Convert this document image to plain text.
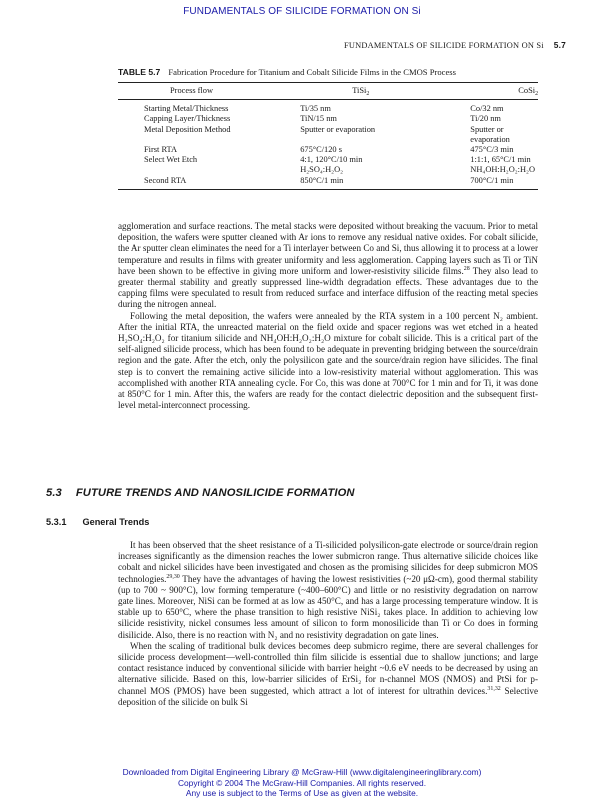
FUNDAMENTALS OF SILICIDE FORMATION ON Si
FUNDAMENTALS OF SILICIDE FORMATION ON Si 5.7
TABLE 5.7 Fabrication Procedure for Titanium and Cobalt Silicide Films in the CMOS Process
Process flow	TiSi$_2$	CoSi$_2$
Starting Metal/Thickness	Ti/35 nm	Co/32 nm
Capping Layer/Thickness	TiN/15 nm	Ti/20 nm
Metal Deposition Method	Sputter or evaporation	Sputter or evaporation
First RTA	675°C/120 s	475°C/3 min
Select Wet Etch	4:1, 120°C/10 min	1:1:1, 65°C/1 min
	H₂SO₄:H₂O₂	NH₄OH:H₂O₂:H₂O
Second RTA	850°C/1 min	700°C/1 min

agglomeration and surface reactions. The metal stacks were deposited without breaking the vacuum. Prior to metal deposition, the wafers were sputter cleaned with Ar ions to remove any residual native oxides. For cobalt silicide, the Ar sputter clean eliminates the need for a Ti interlayer between Co and Si, thus allowing it to process at a lower temperature and results in films with greater uniformity and less agglomeration. Capping layers such as Ti or TiN have been shown to be effective in giving more uniform and lower-resistivity silicide films.$^{28}$ They also lead to greater thermal stability and greatly suppressed line-width degradation effects. These advantages due to the capping films were speculated to result from reduced surface and interface diffusion of the reacting metal species during the nitrogen anneal.

Following the metal deposition, the wafers were annealed by the RTA system in a 100 percent N₂ ambient. After the initial RTA, the unreacted material on the field oxide and spacer regions was wet etched in a heated H₂SO₄:H₂O₂ for titanium silicide and NH₄OH:H₂O₂:H₂O mixture for cobalt silicide. This is a critical part of the self-aligned silicide process, which has been found to be adequate in preventing bridging between the source/drain region and the gate. After the etch, only the polysilicon gate and the source/drain region have silicides. The final step is to convert the remaining active silicide into a low-resistivity material without agglomeration. This was accomplished with another RTA annealing cycle. For Co, this was done at 700°C for 1 min and for Ti, it was done at 850°C for 1 min. After this, the wafers are ready for the contact dielectric deposition and the subsequent first-level metal-interconnect processing.

5.3 FUTURE TRENDS AND NANOSILICIDE FORMATION
5.3.1 General Trends

It has been observed that the sheet resistance of a Ti-silicided polysilicon-gate electrode or source/drain region increases significantly as the dimension reaches the lower submicron range. Thus alternative silicide choices like cobalt and nickel silicides have been investigated and chosen as the promising silicides for deep submicron MOS technologies.$^{29,30}$ They have the advantages of having the lowest resistivities (~20 μΩ-cm), good thermal stability (up to 700 ~ 900°C), low forming temperature (~400–600°C) and little or no resistivity degradation on narrow gate lines. Moreover, NiSi can be formed at as low as 450°C, and has a large processing temperature window. It is stable up to 650°C, where the phase transition to high resistive NiSi₂ takes place. In addition to achieving low silicide resistivity, nickel consumes less amount of silicon to form monosilicide than Ti or Co does in forming disilicide. Also, there is no reaction with N₂ and no resistivity degradation on gate lines.

When the scaling of traditional bulk devices becomes deep submicro regime, there are several challenges for silicide process development—well-controlled thin film silicide is essential due to shallow junctions; and large contact resistance induced by conventional silicide with barrier height ~0.6 eV needs to be decreased by using an alternative silicide. Based on this, low-barrier silicides of ErSi₂ for n-channel MOS (NMOS) and PtSi for p-channel MOS (PMOS) have been suggested, which attract a lot of interest for ultrathin devices.$^{31,32}$ Selective deposition of the silicide on bulk Si

Downloaded from Digital Engineering Library @ McGraw-Hill (www.digitalengineeringlibrary.com)
Copyright © 2004 The McGraw-Hill Companies. All rights reserved.
Any use is subject to the Terms of Use as given at the website.
